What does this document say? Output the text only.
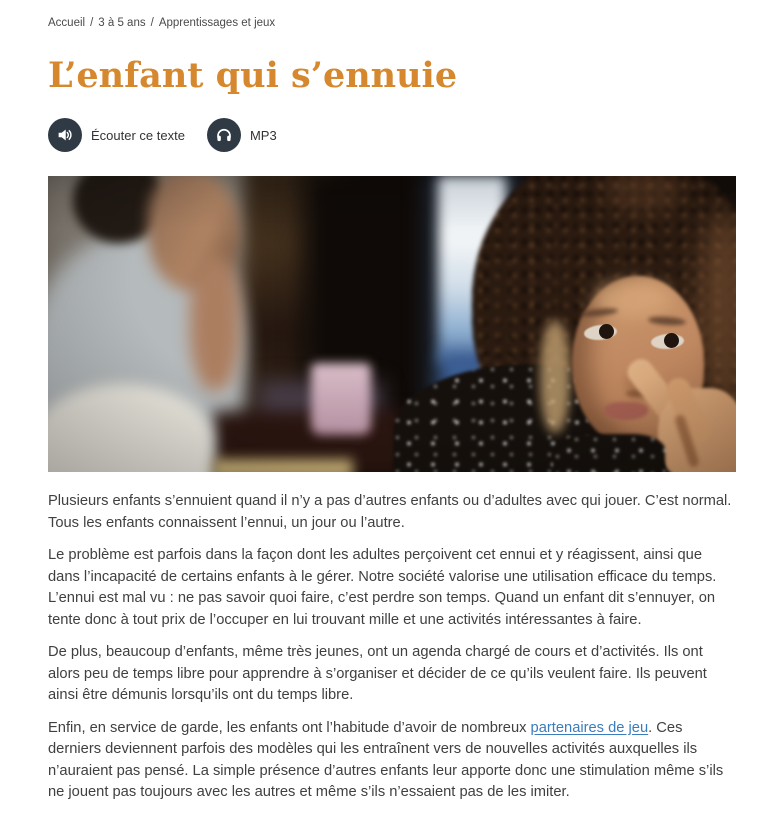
Accueil / 3 à 5 ans / Apprentissages et jeux
L’enfant qui s’ennuie
Écouter ce texte	MP3

Plusieurs enfants s’ennuient quand il n’y a pas d’autres enfants ou d’adultes avec qui jouer. C’est normal. Tous les enfants connaissent l’ennui, un jour ou l’autre.

Le problème est parfois dans la façon dont les adultes perçoivent cet ennui et y réagissent, ainsi que dans l’incapacité de certains enfants à le gérer. Notre société valorise une utilisation efficace du temps. L’ennui est mal vu : ne pas savoir quoi faire, c’est perdre son temps. Quand un enfant dit s’ennuyer, on tente donc à tout prix de l’occuper en lui trouvant mille et une activités intéressantes à faire.

De plus, beaucoup d’enfants, même très jeunes, ont un agenda chargé de cours et d’activités. Ils ont alors peu de temps libre pour apprendre à s’organiser et décider de ce qu’ils veulent faire. Ils peuvent ainsi être démunis lorsqu’ils ont du temps libre.

Enfin, en service de garde, les enfants ont l’habitude d’avoir de nombreux partenaires de jeu. Ces derniers deviennent parfois des modèles qui les entraînent vers de nouvelles activités auxquelles ils n’auraient pas pensé. La simple présence d’autres enfants leur apporte donc une stimulation même s’ils ne jouent pas toujours avec les autres et même s’ils n’essaient pas de les imiter.
